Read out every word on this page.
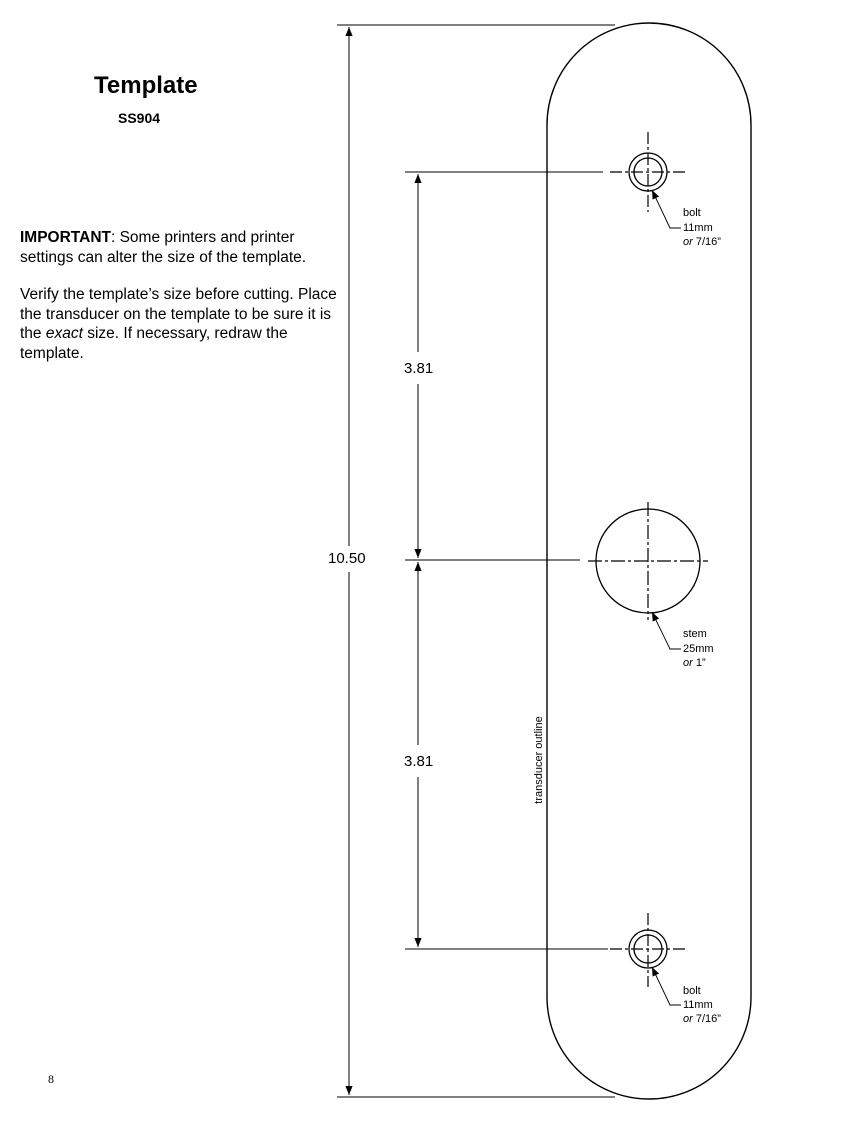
Template
SS904

IMPORTANT: Some printers and printer settings can alter the size of the template.

Verify the template’s size before cutting. Place the transducer on the template to be sure it is the exact size. If necessary, redraw the template.

10.50
3.81
3.81
bolt
11mm
or 7/16”
stem
25mm
or 1”
bolt
11mm
or 7/16”
transducer outline
8
